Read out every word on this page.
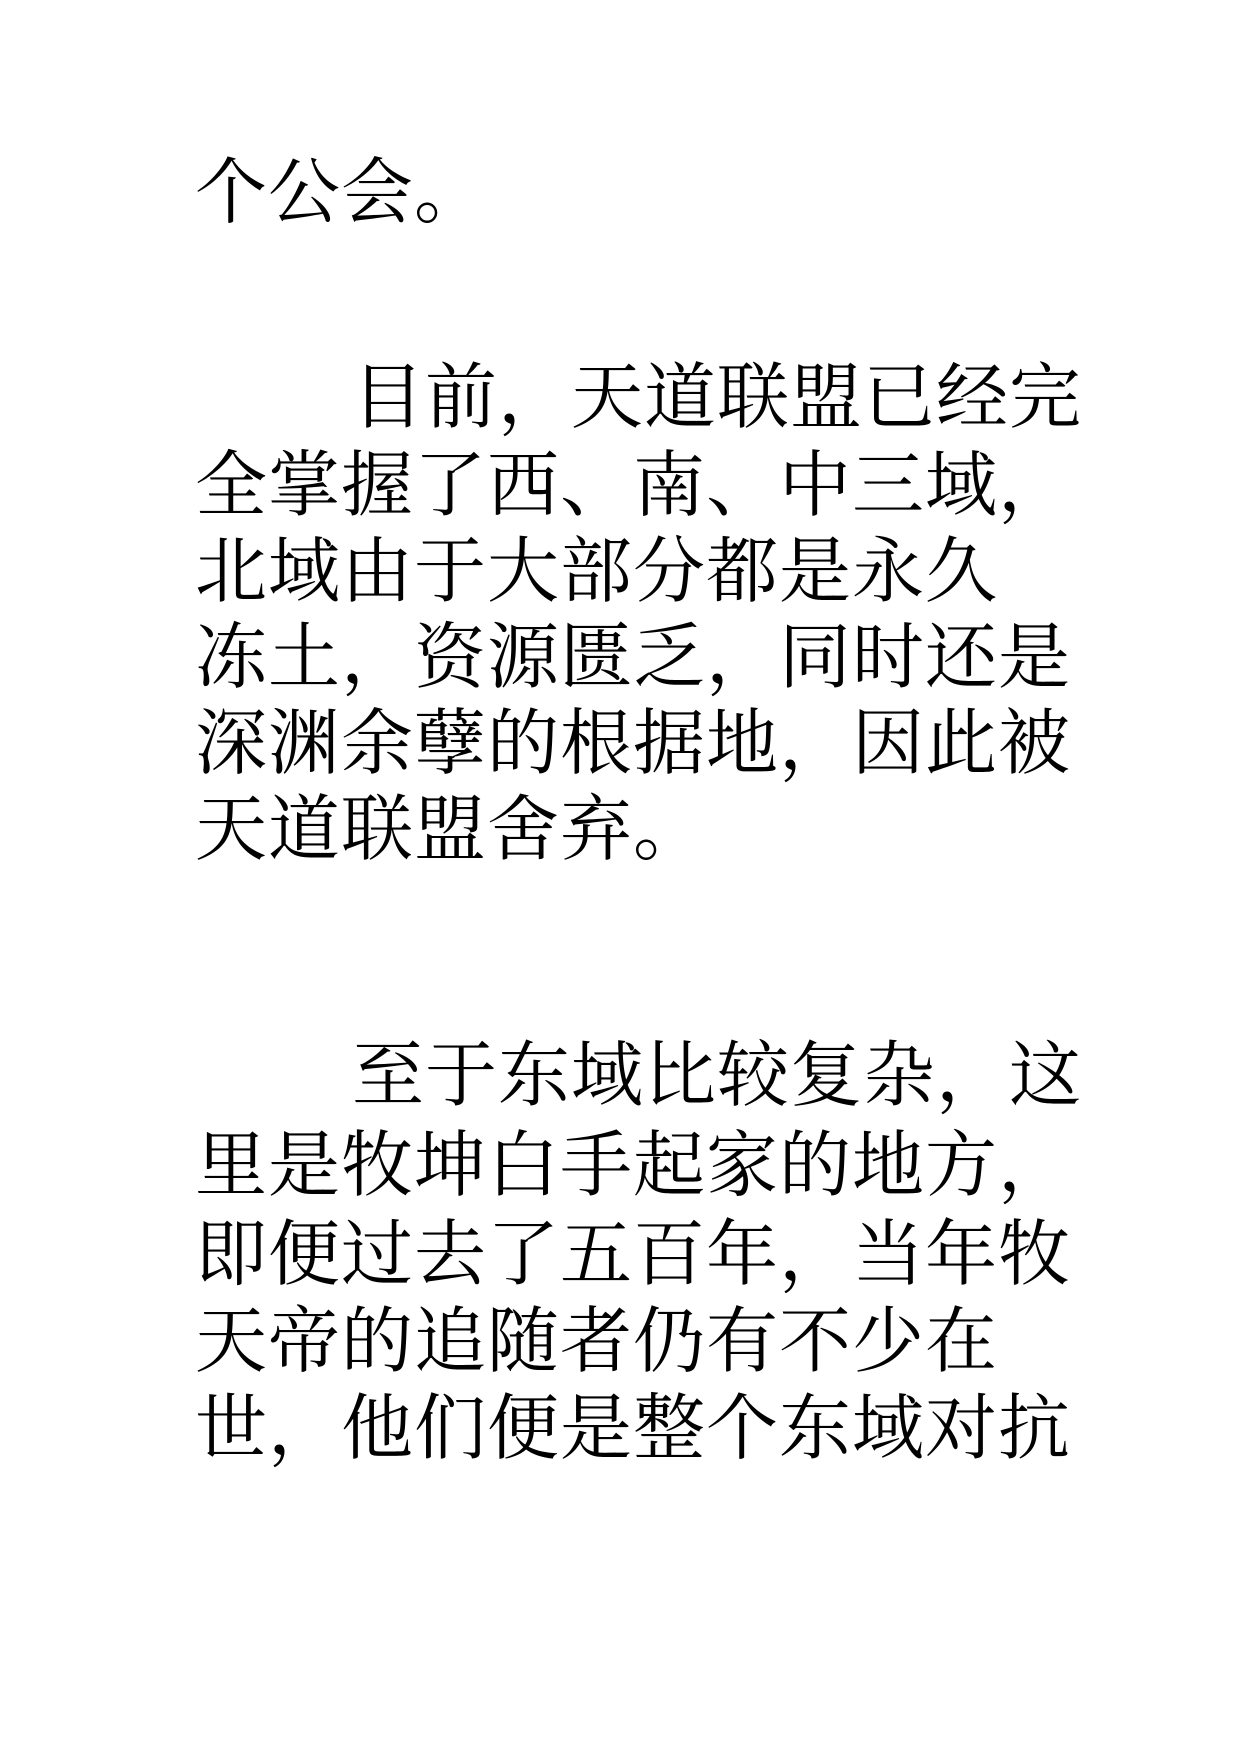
个公会。
目前，天道联盟已经完
全掌握了西、南、中三域，
北域由于大部分都是永久
冻土，资源匮乏，同时还是
深渊余孽的根据地，因此被
天道联盟舍弃。
至于东域比较复杂，这
里是牧坤白手起家的地方，
即便过去了五百年，当年牧
天帝的追随者仍有不少在
世，他们便是整个东域对抗
